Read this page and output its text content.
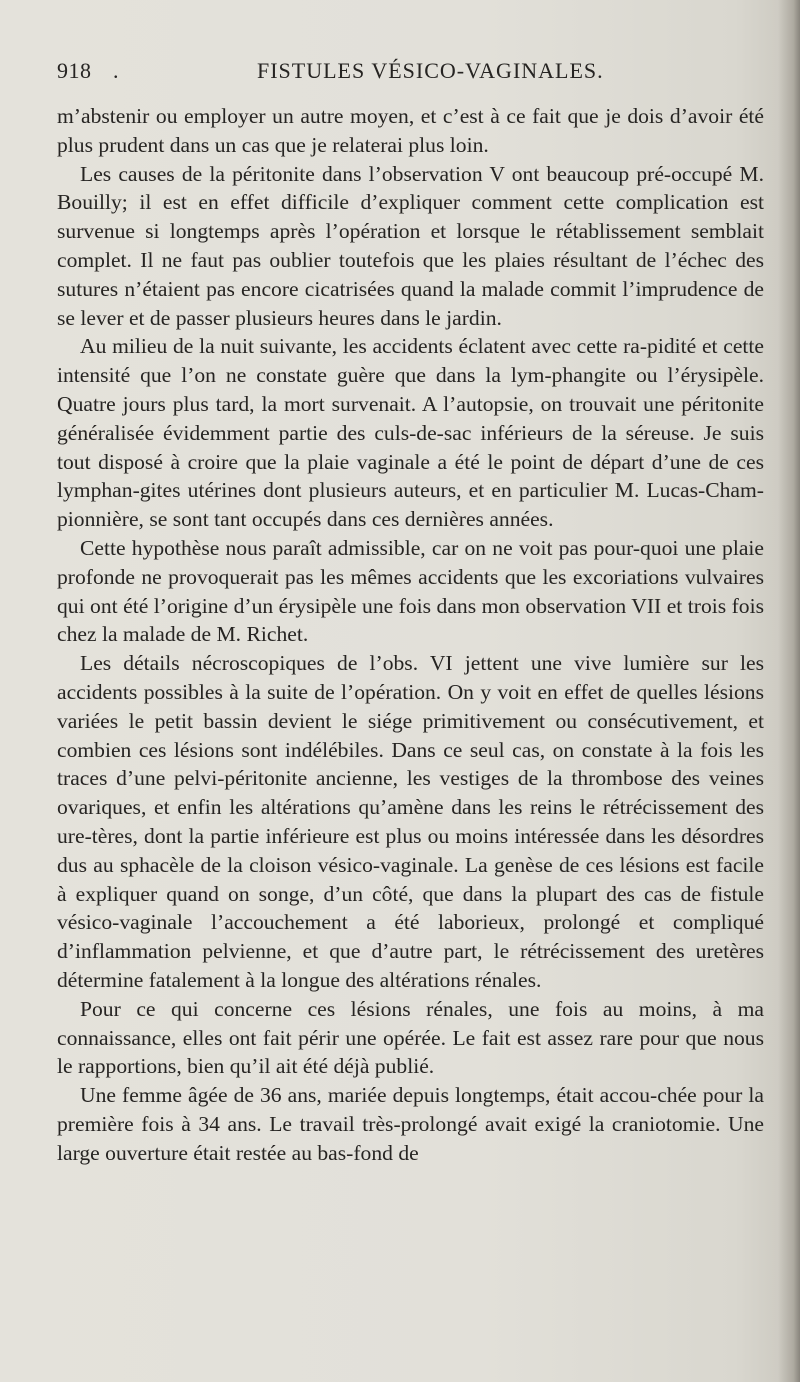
918 .	FISTULES VÉSICO-VAGINALES.

m’abstenir ou employer un autre moyen, et c’est à ce fait que je dois d’avoir été plus prudent dans un cas que je relaterai plus loin.

Les causes de la péritonite dans l’observation V ont beaucoup pré-occupé M. Bouilly; il est en effet difficile d’expliquer comment cette complication est survenue si longtemps après l’opération et lorsque le rétablissement semblait complet. Il ne faut pas oublier toutefois que les plaies résultant de l’échec des sutures n’étaient pas encore cicatrisées quand la malade commit l’imprudence de se lever et de passer plusieurs heures dans le jardin.

Au milieu de la nuit suivante, les accidents éclatent avec cette ra-pidité et cette intensité que l’on ne constate guère que dans la lym-phangite ou l’érysipèle. Quatre jours plus tard, la mort survenait. A l’autopsie, on trouvait une péritonite généralisée évidemment partie des culs-de-sac inférieurs de la séreuse. Je suis tout disposé à croire que la plaie vaginale a été le point de départ d’une de ces lymphan-gites utérines dont plusieurs auteurs, et en particulier M. Lucas-Cham-pionnière, se sont tant occupés dans ces dernières années.

Cette hypothèse nous paraît admissible, car on ne voit pas pour-quoi une plaie profonde ne provoquerait pas les mêmes accidents que les excoriations vulvaires qui ont été l’origine d’un érysipèle une fois dans mon observation VII et trois fois chez la malade de M. Richet.

Les détails nécroscopiques de l’obs. VI jettent une vive lumière sur les accidents possibles à la suite de l’opération. On y voit en effet de quelles lésions variées le petit bassin devient le siége primitivement ou consécutivement, et combien ces lésions sont indélébiles. Dans ce seul cas, on constate à la fois les traces d’une pelvi-péritonite ancienne, les vestiges de la thrombose des veines ovariques, et enfin les altérations qu’amène dans les reins le rétrécissement des ure-tères, dont la partie inférieure est plus ou moins intéressée dans les désordres dus au sphacèle de la cloison vésico-vaginale. La genèse de ces lésions est facile à expliquer quand on songe, d’un côté, que dans la plupart des cas de fistule vésico-vaginale l’accouchement a été laborieux, prolongé et compliqué d’inflammation pelvienne, et que d’autre part, le rétrécissement des uretères détermine fatalement à la longue des altérations rénales.

Pour ce qui concerne ces lésions rénales, une fois au moins, à ma connaissance, elles ont fait périr une opérée. Le fait est assez rare pour que nous le rapportions, bien qu’il ait été déjà publié.

Une femme âgée de 36 ans, mariée depuis longtemps, était accou-chée pour la première fois à 34 ans. Le travail très-prolongé avait exigé la craniotomie. Une large ouverture était restée au bas-fond de
